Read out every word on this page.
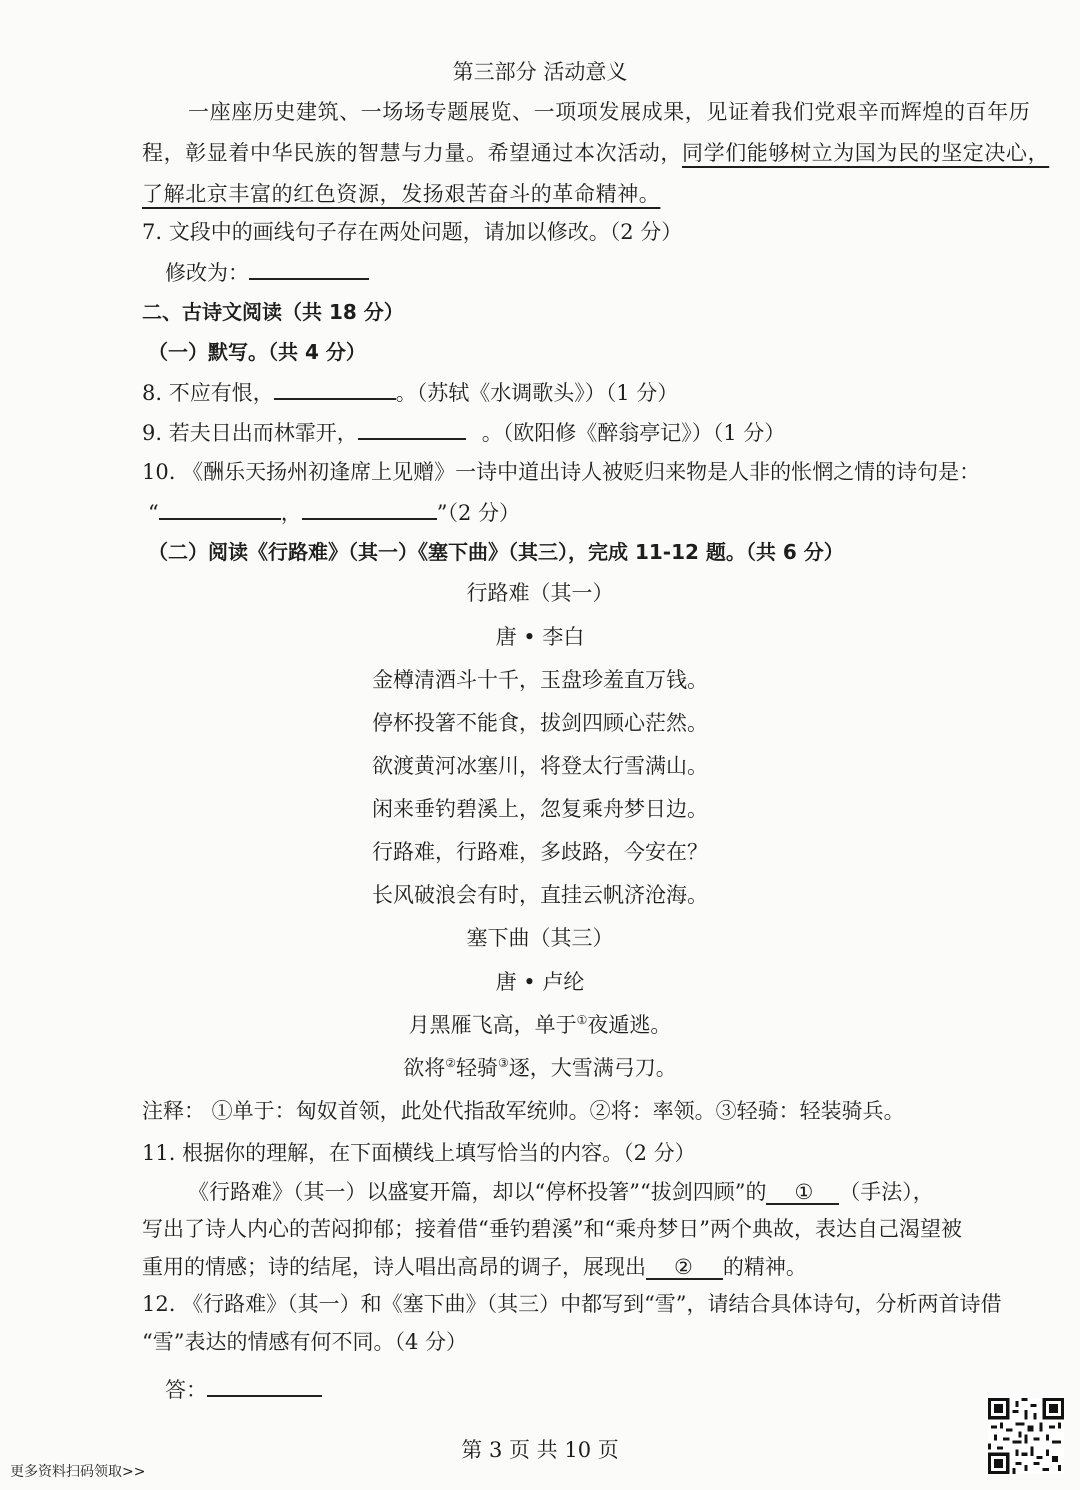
第三部分 活动意义
一座座历史建筑、一场场专题展览、一项项发展成果，见证着我们党艰辛而辉煌的百年历
程，彰显着中华民族的智慧与力量。希望通过本次活动，同学们能够树立为国为民的坚定决心，
了解北京丰富的红色资源，发扬艰苦奋斗的革命精神。
7. 文段中的画线句子存在两处问题，请加以修改。（2 分）
修改为：
二、古诗文阅读（共 18 分）
（一）默写。（共 4 分）
8. 不应有恨，	。（苏轼《水调歌头》）（1 分）
9. 若夫日出而林霏开，	。（欧阳修《醉翁亭记》）（1 分）
10. 《酬乐天扬州初逢席上见赠》一诗中道出诗人被贬归来物是人非的怅惘之情的诗句是：
“	，	”（2 分）
（二）阅读《行路难》（其一）《塞下曲》（其三），完成 11-12 题。（共 6 分）
行路难（其一）
唐 • 李白
金樽清酒斗十千，玉盘珍羞直万钱。
停杯投箸不能食，拔剑四顾心茫然。
欲渡黄河冰塞川，将登太行雪满山。
闲来垂钓碧溪上，忽复乘舟梦日边。
行路难，行路难，多歧路，今安在？
长风破浪会有时，直挂云帆济沧海。
塞下曲（其三）
唐 • 卢纶
月黑雁飞高，单于①夜遁逃。
欲将②轻骑③逐，大雪满弓刀。
注释： ①单于：匈奴首领，此处代指敌军统帅。②将：率领。③轻骑：轻装骑兵。
11. 根据你的理解，在下面横线上填写恰当的内容。（2 分）
《行路难》（其一）以盛宴开篇，却以“停杯投箸”“拔剑四顾”的 ① （手法），
写出了诗人内心的苦闷抑郁；接着借“垂钓碧溪”和“乘舟梦日”两个典故，表达自己渴望被
重用的情感；诗的结尾，诗人唱出高昂的调子，展现出 ② 的精神。
12. 《行路难》（其一）和《塞下曲》（其三）中都写到“雪”，请结合具体诗句，分析两首诗借
“雪”表达的情感有何不同。（4 分）
答：
第 3 页 共 10 页
更多资料扫码领取>>
